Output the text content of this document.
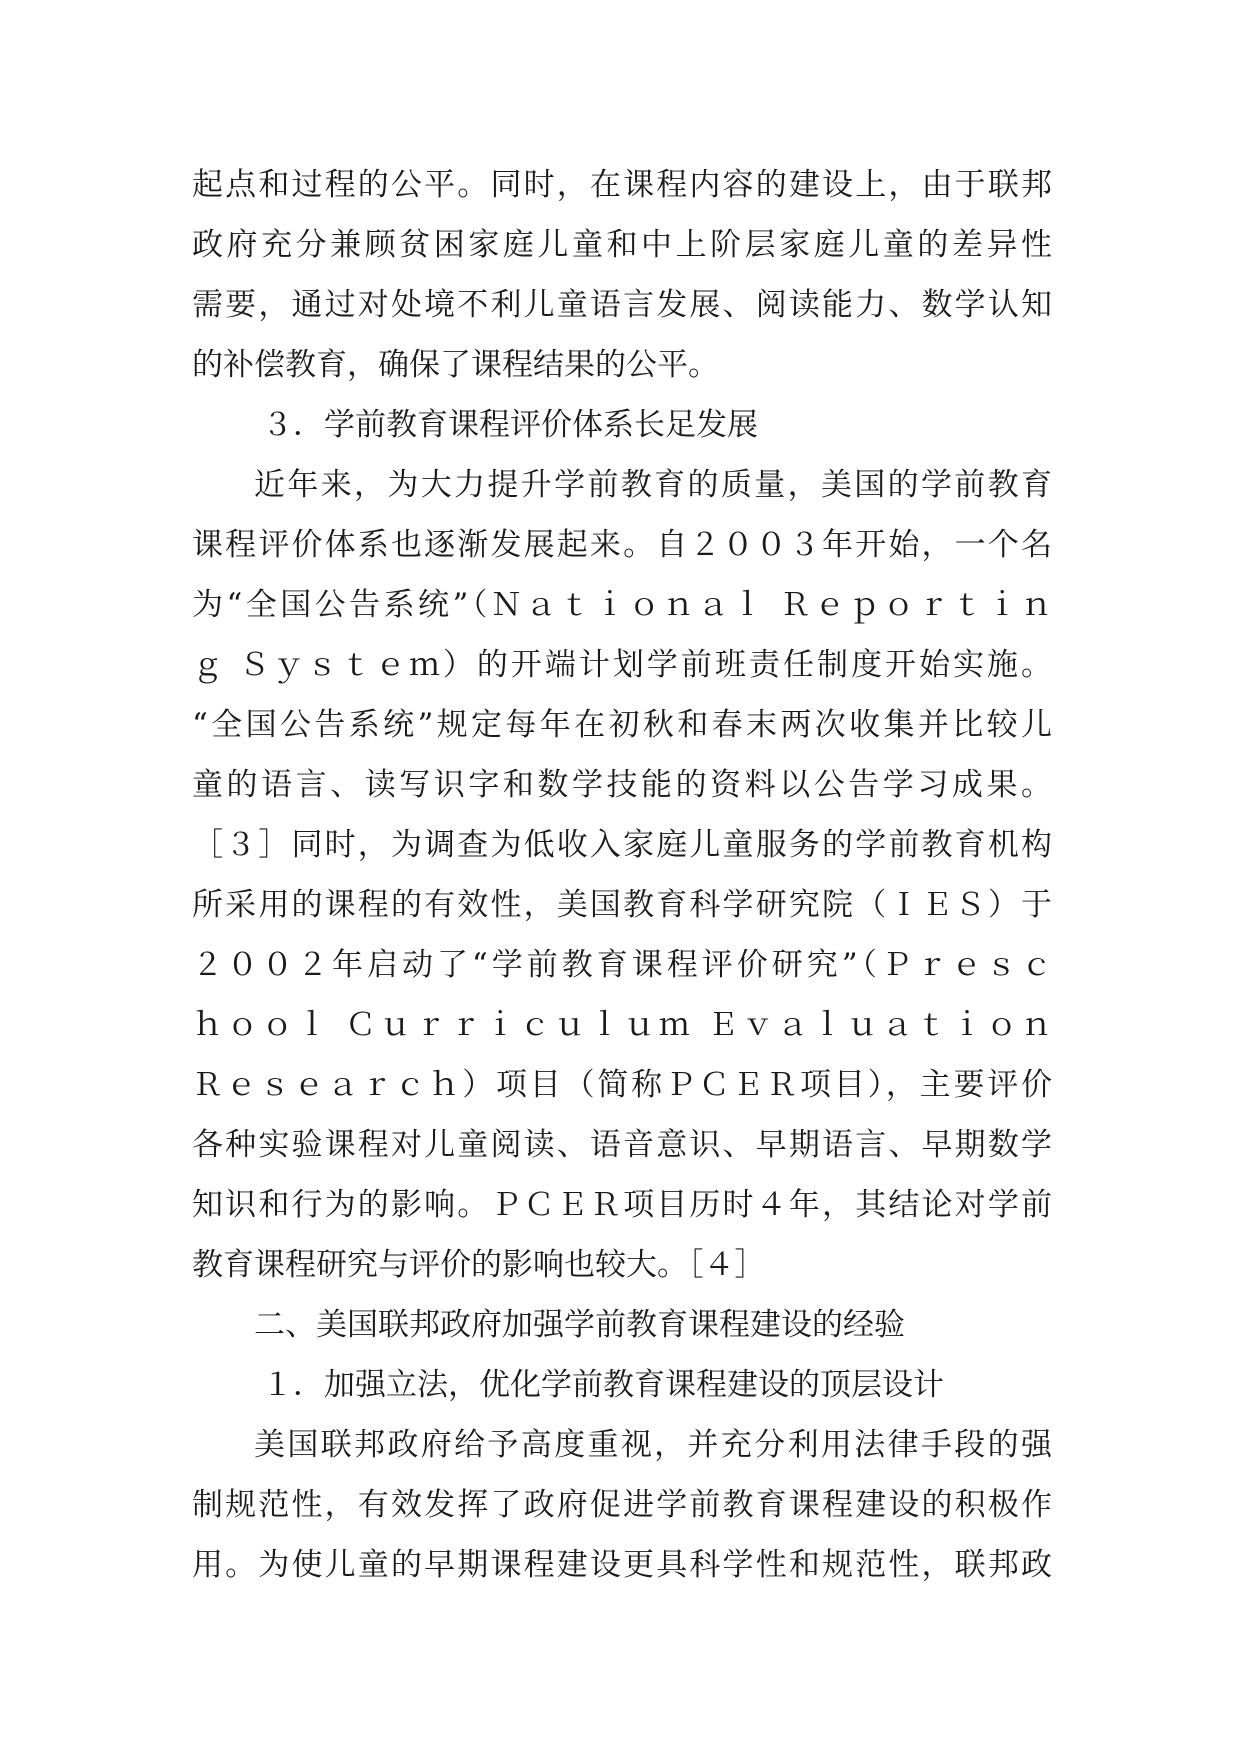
起点和过程的公平。同时，在课程内容的建设上，由于联邦
政府充分兼顾贫困家庭儿童和中上阶层家庭儿童的差异性
需要，通过对处境不利儿童语言发展、阅读能力、数学认知
的补偿教育，确保了课程结果的公平。
３．学前教育课程评价体系长足发展
近年来，为大力提升学前教育的质量，美国的学前教育
课程评价体系也逐渐发展起来。自２００３年开始，一个名
为“全国公告系统”（Ｎａｔｉｏｎａｌ Ｒｅｐｏｒｔｉｎ
ｇ Ｓｙｓｔｅｍ）的开端计划学前班责任制度开始实施。
“全国公告系统”规定每年在初秋和春末两次收集并比较儿
童的语言、读写识字和数学技能的资料以公告学习成果。
［３］同时，为调查为低收入家庭儿童服务的学前教育机构
所采用的课程的有效性，美国教育科学研究院（ＩＥＳ）于
２００２年启动了“学前教育课程评价研究”（Ｐｒｅｓｃ
ｈｏｏｌ Ｃｕｒｒｉｃｕｌｕｍ Ｅｖａｌｕａｔｉｏｎ
Ｒｅｓｅａｒｃｈ）项目（简称ＰＣＥＲ项目），主要评价
各种实验课程对儿童阅读、语音意识、早期语言、早期数学
知识和行为的影响。ＰＣＥＲ项目历时４年，其结论对学前
教育课程研究与评价的影响也较大。［４］
二、美国联邦政府加强学前教育课程建设的经验
１．加强立法，优化学前教育课程建设的顶层设计
美国联邦政府给予高度重视，并充分利用法律手段的强
制规范性，有效发挥了政府促进学前教育课程建设的积极作
用。为使儿童的早期课程建设更具科学性和规范性，联邦政
